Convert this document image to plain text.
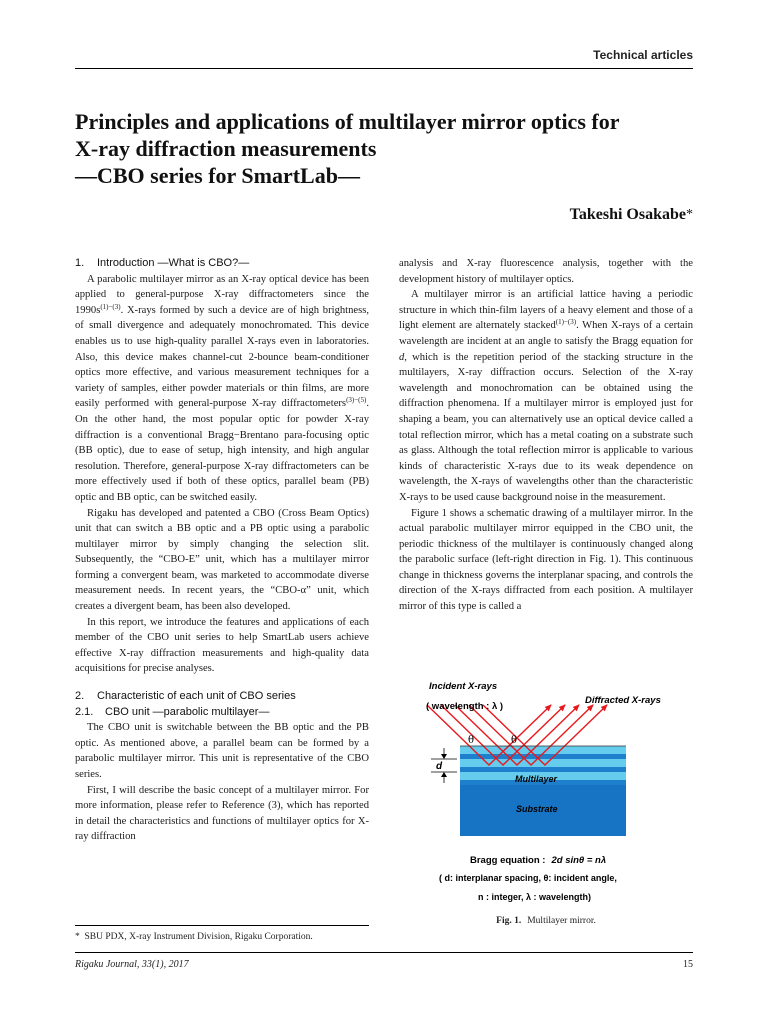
Technical articles
Principles and applications of multilayer mirror optics for
X-ray diffraction measurements
—CBO series for SmartLab—
Takeshi Osakabe*
1. Introduction —What is CBO?—

A parabolic multilayer mirror as an X-ray optical device has been applied to general-purpose X-ray diffractometers since the 1990s$^{(1)-(3)}$. X-rays formed by such a device are of high brightness, of small divergence and adequately monochromated. This device enables us to use high-quality parallel X-rays even in laboratories. Also, this device makes channel-cut 2-bounce beam-conditioner optics more effective, and various measurement techniques for a variety of samples, either powder materials or thin films, are more easily performed with general-purpose X-ray diffractometers$^{(3)-(5)}$. On the other hand, the most popular optic for powder X-ray diffraction is a conventional Bragg−Brentano para-focusing optic (BB optic), due to ease of setup, high intensity, and high angular resolution. Therefore, general-purpose X-ray diffractometers can be more effectively used if both of these optics, parallel beam (PB) optic and BB optic, can be switched easily.

Rigaku has developed and patented a CBO (Cross Beam Optics) unit that can switch a BB optic and a PB optic using a parabolic multilayer mirror by simply changing the selection slit. Subsequently, the “CBO-E” unit, which has a multilayer mirror forming a convergent beam, was marketed to accommodate diverse measurement needs. In recent years, the “CBO-α” unit, which creates a divergent beam, has been also developed.

In this report, we introduce the features and applications of each member of the CBO unit series to help SmartLab users achieve effective X-ray diffraction measurements and high-quality data acquisitions for precise analyses.

2. Characteristic of each unit of CBO series
2.1. CBO unit —parabolic multilayer—

The CBO unit is switchable between the BB optic and the PB optic. As mentioned above, a parallel beam can be formed by a parabolic multilayer mirror. This unit is representative of the CBO series.

First, I will describe the basic concept of a multilayer mirror. For more information, please refer to Reference (3), which has reported in detail the characteristics and functions of multilayer optics for X-ray diffraction

analysis and X-ray fluorescence analysis, together with the development history of multilayer optics.

A multilayer mirror is an artificial lattice having a periodic structure in which thin-film layers of a heavy element and those of a light element are alternately stacked$^{(1)-(3)}$. When X-rays of a certain wavelength are incident at an angle to satisfy the Bragg equation for d, which is the repetition period of the stacking structure in the multilayers, X-ray diffraction occurs. Selection of the X-ray wavelength and monochromation can be obtained using the diffraction phenomena. If a multilayer mirror is employed just for shaping a beam, you can alternatively use an optical device called a total reflection mirror, which has a metal coating on a substrate such as glass. Although the total reflection mirror is applicable to various kinds of characteristic X-rays due to its weak dependence on wavelength, the X-rays of wavelengths other than the characteristic X-rays to be used cause background noise in the measurement.

Figure 1 shows a schematic drawing of a multilayer mirror. In the actual parabolic multilayer mirror equipped in the CBO unit, the periodic thickness of the multilayer is continuously changed along the parabolic surface (left-right direction in Fig. 1). This continuous change in thickness governs the interplanar spacing, and controls the direction of the X-rays diffracted from each position. A multilayer mirror of this type is called a

d
θ	θ
Incident X-rays
( wavelength : λ )
Diffracted X-rays
Multilayer
Substrate
Bragg equation : 2d sinθ = nλ
( d: interplanar spacing, θ: incident angle,
n : integer, λ : wavelength)
Fig. 1. Multilayer mirror.
* SBU PDX, X-ray Instrument Division, Rigaku Corporation.
Rigaku Journal, 33(1), 2017	15
